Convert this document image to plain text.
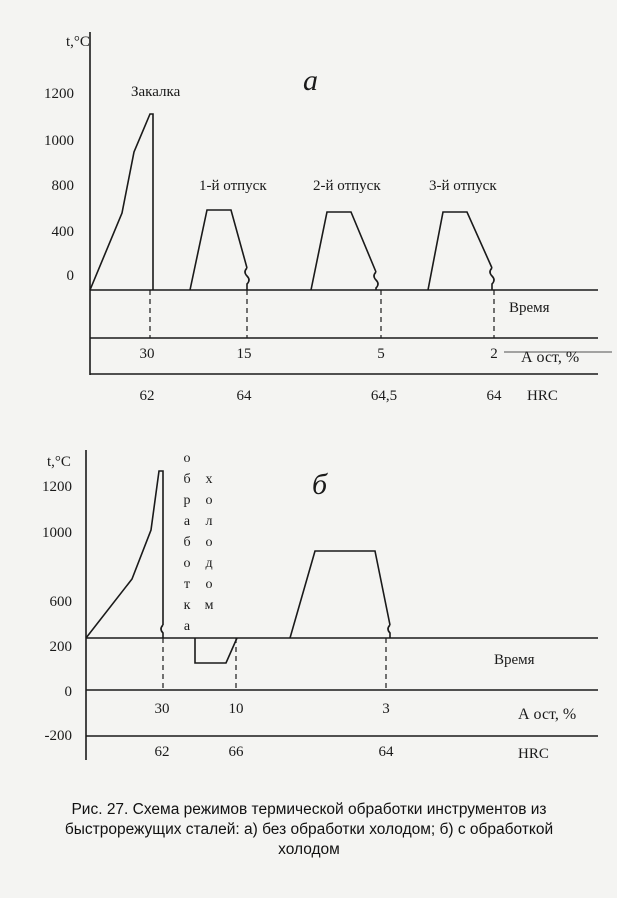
t,°C
а
1200
1000
800
400
0
Закалка
1-й отпуск	2-й отпуск	3-й отпуск
Время
30	15	5	2
62	64	64,5	64
А ост, %
HRC
t,°C
б
1200
1000
600
200
0
-200
о
б
р
а
б
о
т
к
а
х
о
л
о
д
о
м
Время
30	10	3
62	66	64
А ост, %
HRC
Рис. 27. Схема режимов термической обработки инструментов из
быстрорежущих сталей: а) без обработки холодом; б) с обработкой
холодом
